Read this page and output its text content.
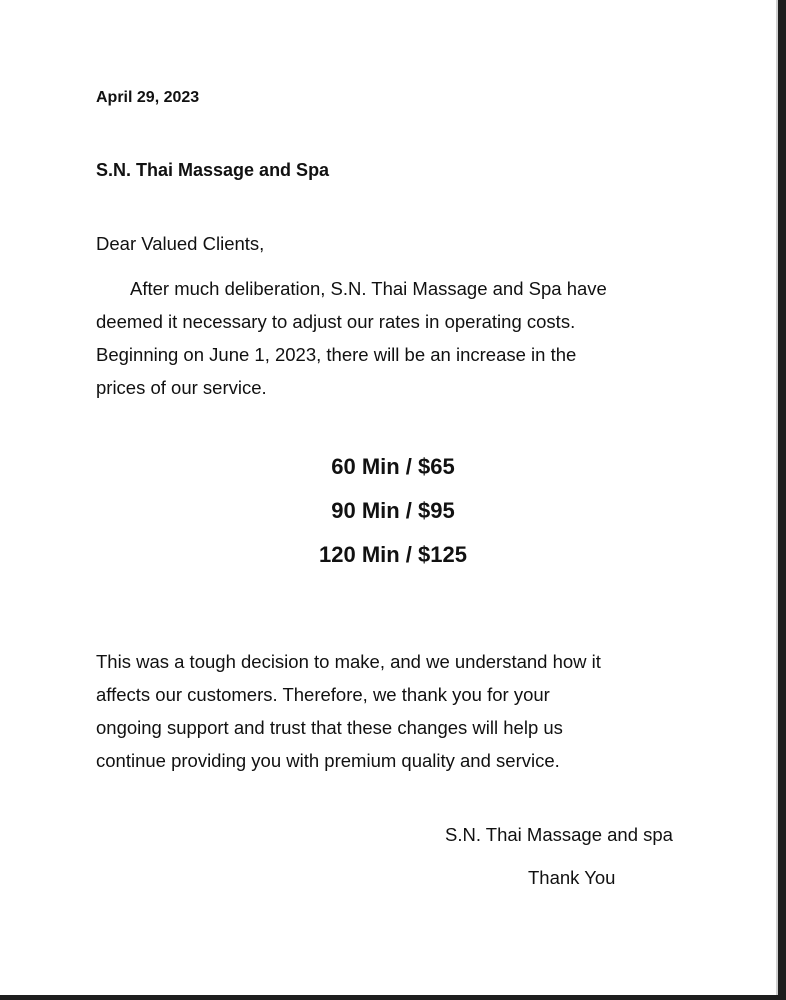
April 29, 2023

S.N. Thai Massage and Spa

Dear Valued Clients,

After much deliberation, S.N. Thai Massage and Spa have
deemed it necessary to adjust our rates in operating costs.
Beginning on June 1, 2023, there will be an increase in the
prices of our service.

60 Min / $65

90 Min / $95

120 Min / $125

This was a tough decision to make, and we understand how it
affects our customers. Therefore, we thank you for your
ongoing support and trust that these changes will help us
continue providing you with premium quality and service.

S.N. Thai Massage and spa

Thank You
